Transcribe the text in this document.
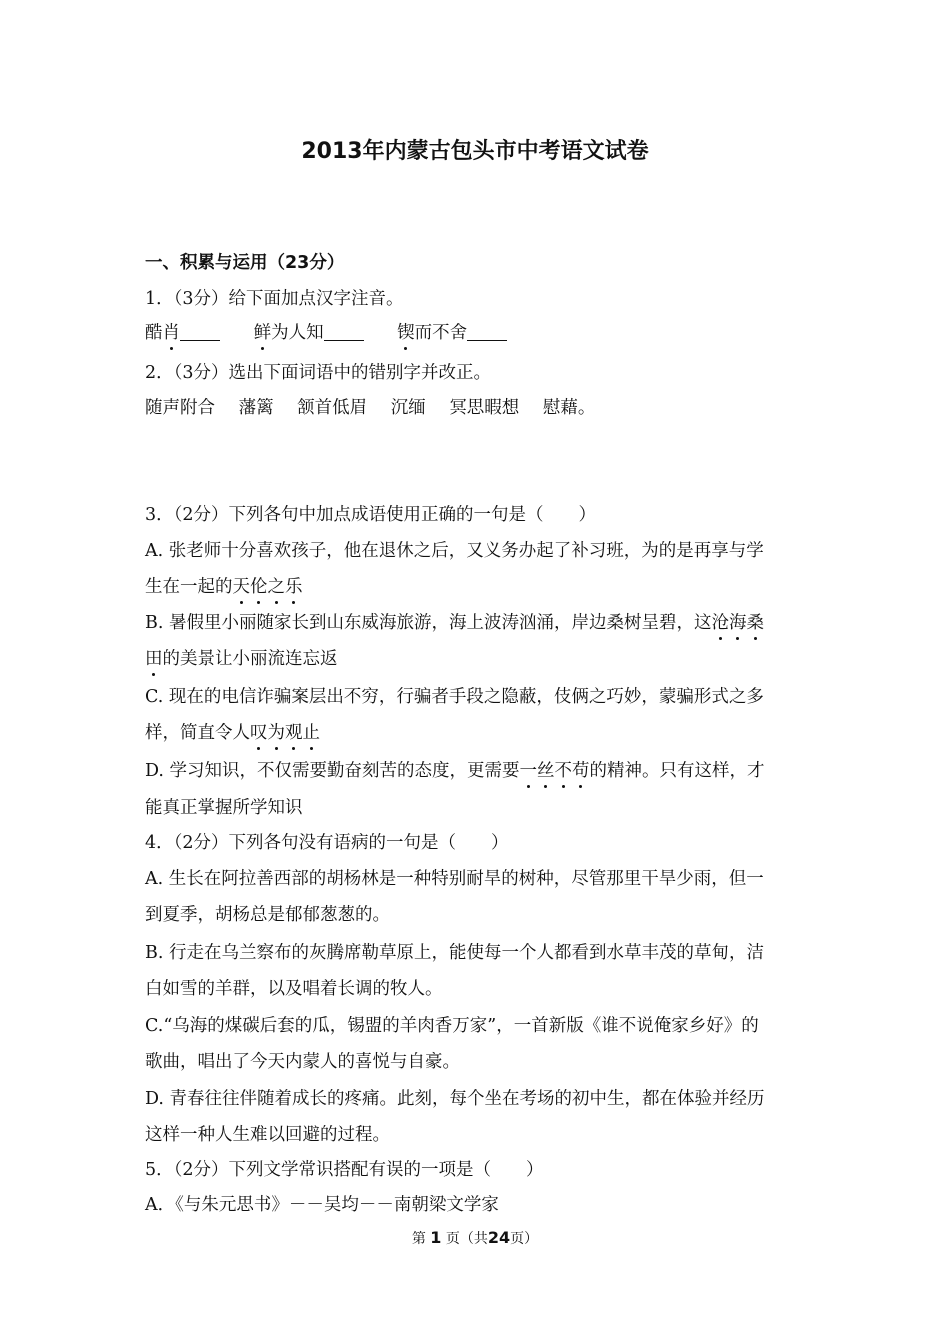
2013年内蒙古包头市中考语文试卷
一、积累与运用（23分）
1．（3分）给下面加点汉字注音。
酷肖	鲜为人知	锲而不舍
2．（3分）选出下面词语中的错别字并改正。
随声附合 藩篱 颔首低眉 沉缅 冥思暇想 慰藉。
3．（2分）下列各句中加点成语使用正确的一句是（　　）
A. 张老师十分喜欢孩子，他在退休之后，又义务办起了补习班，为的是再享与学
生在一起的天伦之乐
B. 暑假里小丽随家长到山东威海旅游，海上波涛汹涌，岸边桑树呈碧，这沧海桑
田的美景让小丽流连忘返
C. 现在的电信诈骗案层出不穷，行骗者手段之隐蔽，伎俩之巧妙，蒙骗形式之多
样，简直令人叹为观止
D. 学习知识，不仅需要勤奋刻苦的态度，更需要一丝不苟的精神。只有这样，才
能真正掌握所学知识
4．（2分）下列各句没有语病的一句是（　　）
A. 生长在阿拉善西部的胡杨林是一种特别耐旱的树种，尽管那里干旱少雨，但一
到夏季，胡杨总是郁郁葱葱的。
B. 行走在乌兰察布的灰腾席勒草原上，能使每一个人都看到水草丰茂的草甸，洁
白如雪的羊群，以及唱着长调的牧人。
C.“乌海的煤碳后套的瓜，锡盟的羊肉香万家”，一首新版《谁不说俺家乡好》的
歌曲，唱出了今天内蒙人的喜悦与自豪。
D. 青春往往伴随着成长的疼痛。此刻，每个坐在考场的初中生，都在体验并经历
这样一种人生难以回避的过程。
5．（2分）下列文学常识搭配有误的一项是（　　）
A．《与朱元思书》－－吴均－－南朝梁文学家
第 1 页（共24页）
